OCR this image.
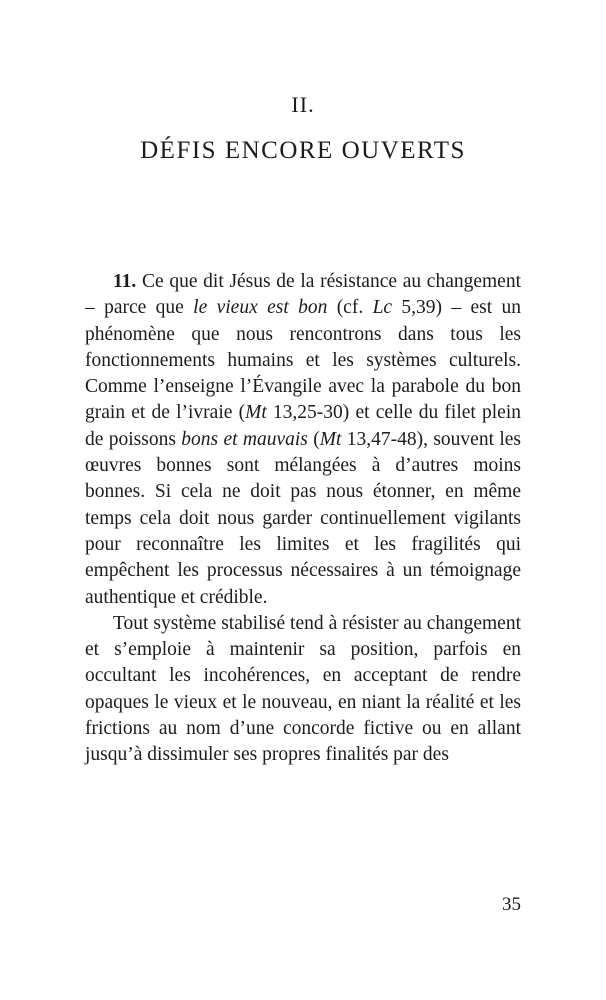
II.
DÉFIS ENCORE OUVERTS

11. Ce que dit Jésus de la résistance au changement – parce que le vieux est bon (cf. Lc 5,39) – est un phénomène que nous rencontrons dans tous les fonctionnements humains et les systèmes culturels. Comme l’enseigne l’Évangile avec la parabole du bon grain et de l’ivraie (Mt 13,25-30) et celle du filet plein de poissons bons et mauvais (Mt 13,47-48), souvent les œuvres bonnes sont mélangées à d’autres moins bonnes. Si cela ne doit pas nous étonner, en même temps cela doit nous garder continuellement vigilants pour reconnaître les limites et les fragilités qui empêchent les processus nécessaires à un témoignage authentique et crédible.

Tout système stabilisé tend à résister au changement et s’emploie à maintenir sa position, parfois en occultant les incohérences, en acceptant de rendre opaques le vieux et le nouveau, en niant la réalité et les frictions au nom d’une concorde fictive ou en allant jusqu’à dissimuler ses propres finalités par des

35
